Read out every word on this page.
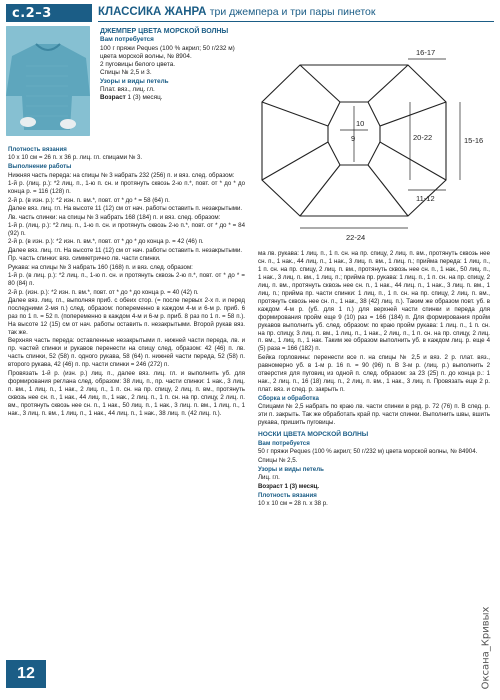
с.2–3	КЛАССИКА ЖАНРА три джемпера и три пары пинеток
ДЖЕМПЕР ЦВЕТА МОРСКОЙ ВОЛНЫ
Вам потребуется
100 г пряжи Peques (100 % акрил; 50 г/232 м) цвета морской волны, № 8904.
2 пуговицы белого цвета.
Спицы № 2,5 и 3.
Узоры и виды петель
Плат. вяз., лиц. гл.
Возраст 1 (3) месяц.
16-17
10
9	20-22	15-16
11-12
22-24

Плотность вязания

10 х 10 см = 26 п. х 36 р. лиц. гл. спицами № 3.

Выполнение работы

Нижняя часть переда: на спицы № 3 набрать 232 (256) п. и вяз. след. образом:

1-й р. (лиц. р.): *2 лиц. п., 1-ю п. сн. и протянуть сквозь 2-ю п.*, повт. от * до * до конца р. = 116 (128) п.

2-й р. (в изн. р.): *2 изн. п. вм.*, повт. от * до * = 58 (64) п.

Далее вяз. лиц. гл. На высоте 11 (12) см от нач. работы оставить п. незакрытыми.

Лв. часть спинки: на спицы № 3 набрать 168 (184) п. и вяз. след. образом:

1-й р. (лиц. р.): *2 лиц. п., 1-ю п. сн. и протянуть сквозь 2-ю п.*, повт. от * до * = 84 (92) п.

2-й р. (в изн. р.): *2 изн. п. вм.*, повт. от * до * до конца р. = 42 (46) п.

Далее вяз. лиц. гл. На высоте 11 (12) см от нач. работы оставить п. незакрытыми.

Пр. часть спинки: вяз. симметрично лв. части спинки.

Рукава: на спицы № 3 набрать 160 (168) п. и вяз. след. образом:

1-й р. (в лиц. р.): *2 лиц. п., 1-ю п. сн. и протянуть сквозь 2-ю п.*, повт. от * до * = 80 (84) п.

2-й р. (изн. р.): *2 изн. п. вм.*, повт. от * до * до конца р. = 40 (42) п.

Далее вяз. лиц. гл., выполняя приб. с обеих стор. (= после первых 2-х п. и перед последними 2-мя п.) след. образом: попеременно в каждом 4-м и 6-м р. приб. 6 раз по 1 п. = 52 п. (попеременно в каждом 4-м и 6-м р. приб. 8 раз по 1 п. = 58 п.). На высоте 12 (15) см от нач. работы оставить п. незакрытыми. Второй рукав вяз. так же.

Верхняя часть переда: оставленные незакрытыми п. нижней части переда, лв. и пр. частей спинки и рукавов перенести на спицу след. образом: 42 (46) п. лв. часть спинки, 52 (58) п. одного рукава, 58 (64) п. нижней части переда, 52 (58) п. второго рукава, 42 (46) п. пр. части спинки = 246 (272) п.

Провязать 1-й р. (изн. р.) лиц. п., далее вяз. лиц. гл. и выполнить уб. для формирования реглана след. образом: 38 лиц. п., пр. части спинки: 1 нак., 3 лиц. п. вм., 1 лиц. п., 1 нак., 2 лиц. п., 1 п. сн. на пр. спицу, 2 лиц. п. вм., протянуть сквозь нее сн. п., 1 нак., 44 лиц. п., 1 нак., 2 лиц. п., 1 п. сн. на пр. спицу, 2 лиц. п. вм., протянуть сквозь нее сн. п., 1 нак., 50 лиц. п., 1 нак., 3 лиц. п. вм., 1 лиц. п., 1 нак., 3 лиц. п. вм., 1 лиц. п., 1 нак., 44 лиц. п., 1 нак., 38 лиц. п. (42 лиц. п.).

ма лв. рукава: 1 лиц. п., 1 п. сн. на пр. спицу, 2 лиц. п. вм., протянуть сквозь нее сн. п., 1 нак., 44 лиц. п., 1 нак., 3 лиц. п. вм., 1 лиц. п.; прийма переда: 1 лиц. п., 1 п. сн. на пр. спицу, 2 лиц. п. вм., протянуть сквозь нее сн. п., 1 нак., 50 лиц. п., 1 нак., 3 лиц. п. вм., 1 лиц. п.; прийма пр. рукава: 1 лиц. п., 1 п. сн. на пр. спицу, 2 лиц. п. вм., протянуть сквозь нее сн. п., 1 нак., 44 лиц. п., 1 нак., 3 лиц. п. вм., 1 лиц. п.; прийма пр. части спинки: 1 лиц. п., 1 п. сн. на пр. спицу, 2 лиц. п. вм., протянуть сквозь нее сн. п., 1 нак., 38 (42) лиц. п.). Таким же образом повт. уб. в каждом 4-м р. (уб. для 1 п.) для верхней части спинки и переда для формирования пройм еще 9 (10) раз = 166 (184) п. Для формирования пройм рукавов выполнить уб. след. образом: по краю пройм рукава: 1 лиц. п., 1 п. сн. на пр. спицу, 3 лиц. п. вм., 1 лиц. п., 1 нак., 2 лиц. п., 1 п. сн. на пр. спицу, 2 лиц. п. вм., 1 лиц. п., 1 нак. Таким же образом выполнить уб. в каждом лиц. р. еще 4 (5) раза = 166 (182) п.

Бейка горловины: перенести все п. на спицы № 2,5 и вяз. 2 р. плат. вяз., равномерно уб. в 1-м р. 16 п. = 90 (96) п. В 3-м р. (лиц. р.) выполнить 2 отверстия для пуговиц из одной п. след. образом: за 23 (25) п. до конца р.: 1 нак., 2 лиц. п., 16 (18) лиц. п., 2 лиц. п. вм., 1 нак., 3 лиц. п. Провязать еще 2 р. плат. вяз. и след. р. закрыть п.

Сборка и обработка

Спицами № 2,5 набрать по краю лв. части спинки в ряд. р. 72 (76) п. В след. р. эти п. закрыть. Так же обработать край пр. части спинки. Выполнить швы, вшить рукава, пришить пуговицы.

НОСКИ ЦВЕТА МОРСКОЙ ВОЛНЫ

Вам потребуется

50 г пряжи Peques (100 % акрил; 50 г/232 м) цвета морской волны, № 84904.

Спицы № 2,5.

Узоры и виды петель

Лиц. гл.

Возраст 1 (3) месяц.

Плотность вязания

10 х 10 см = 28 п. х 38 р.

12	Оксана_Кривых
